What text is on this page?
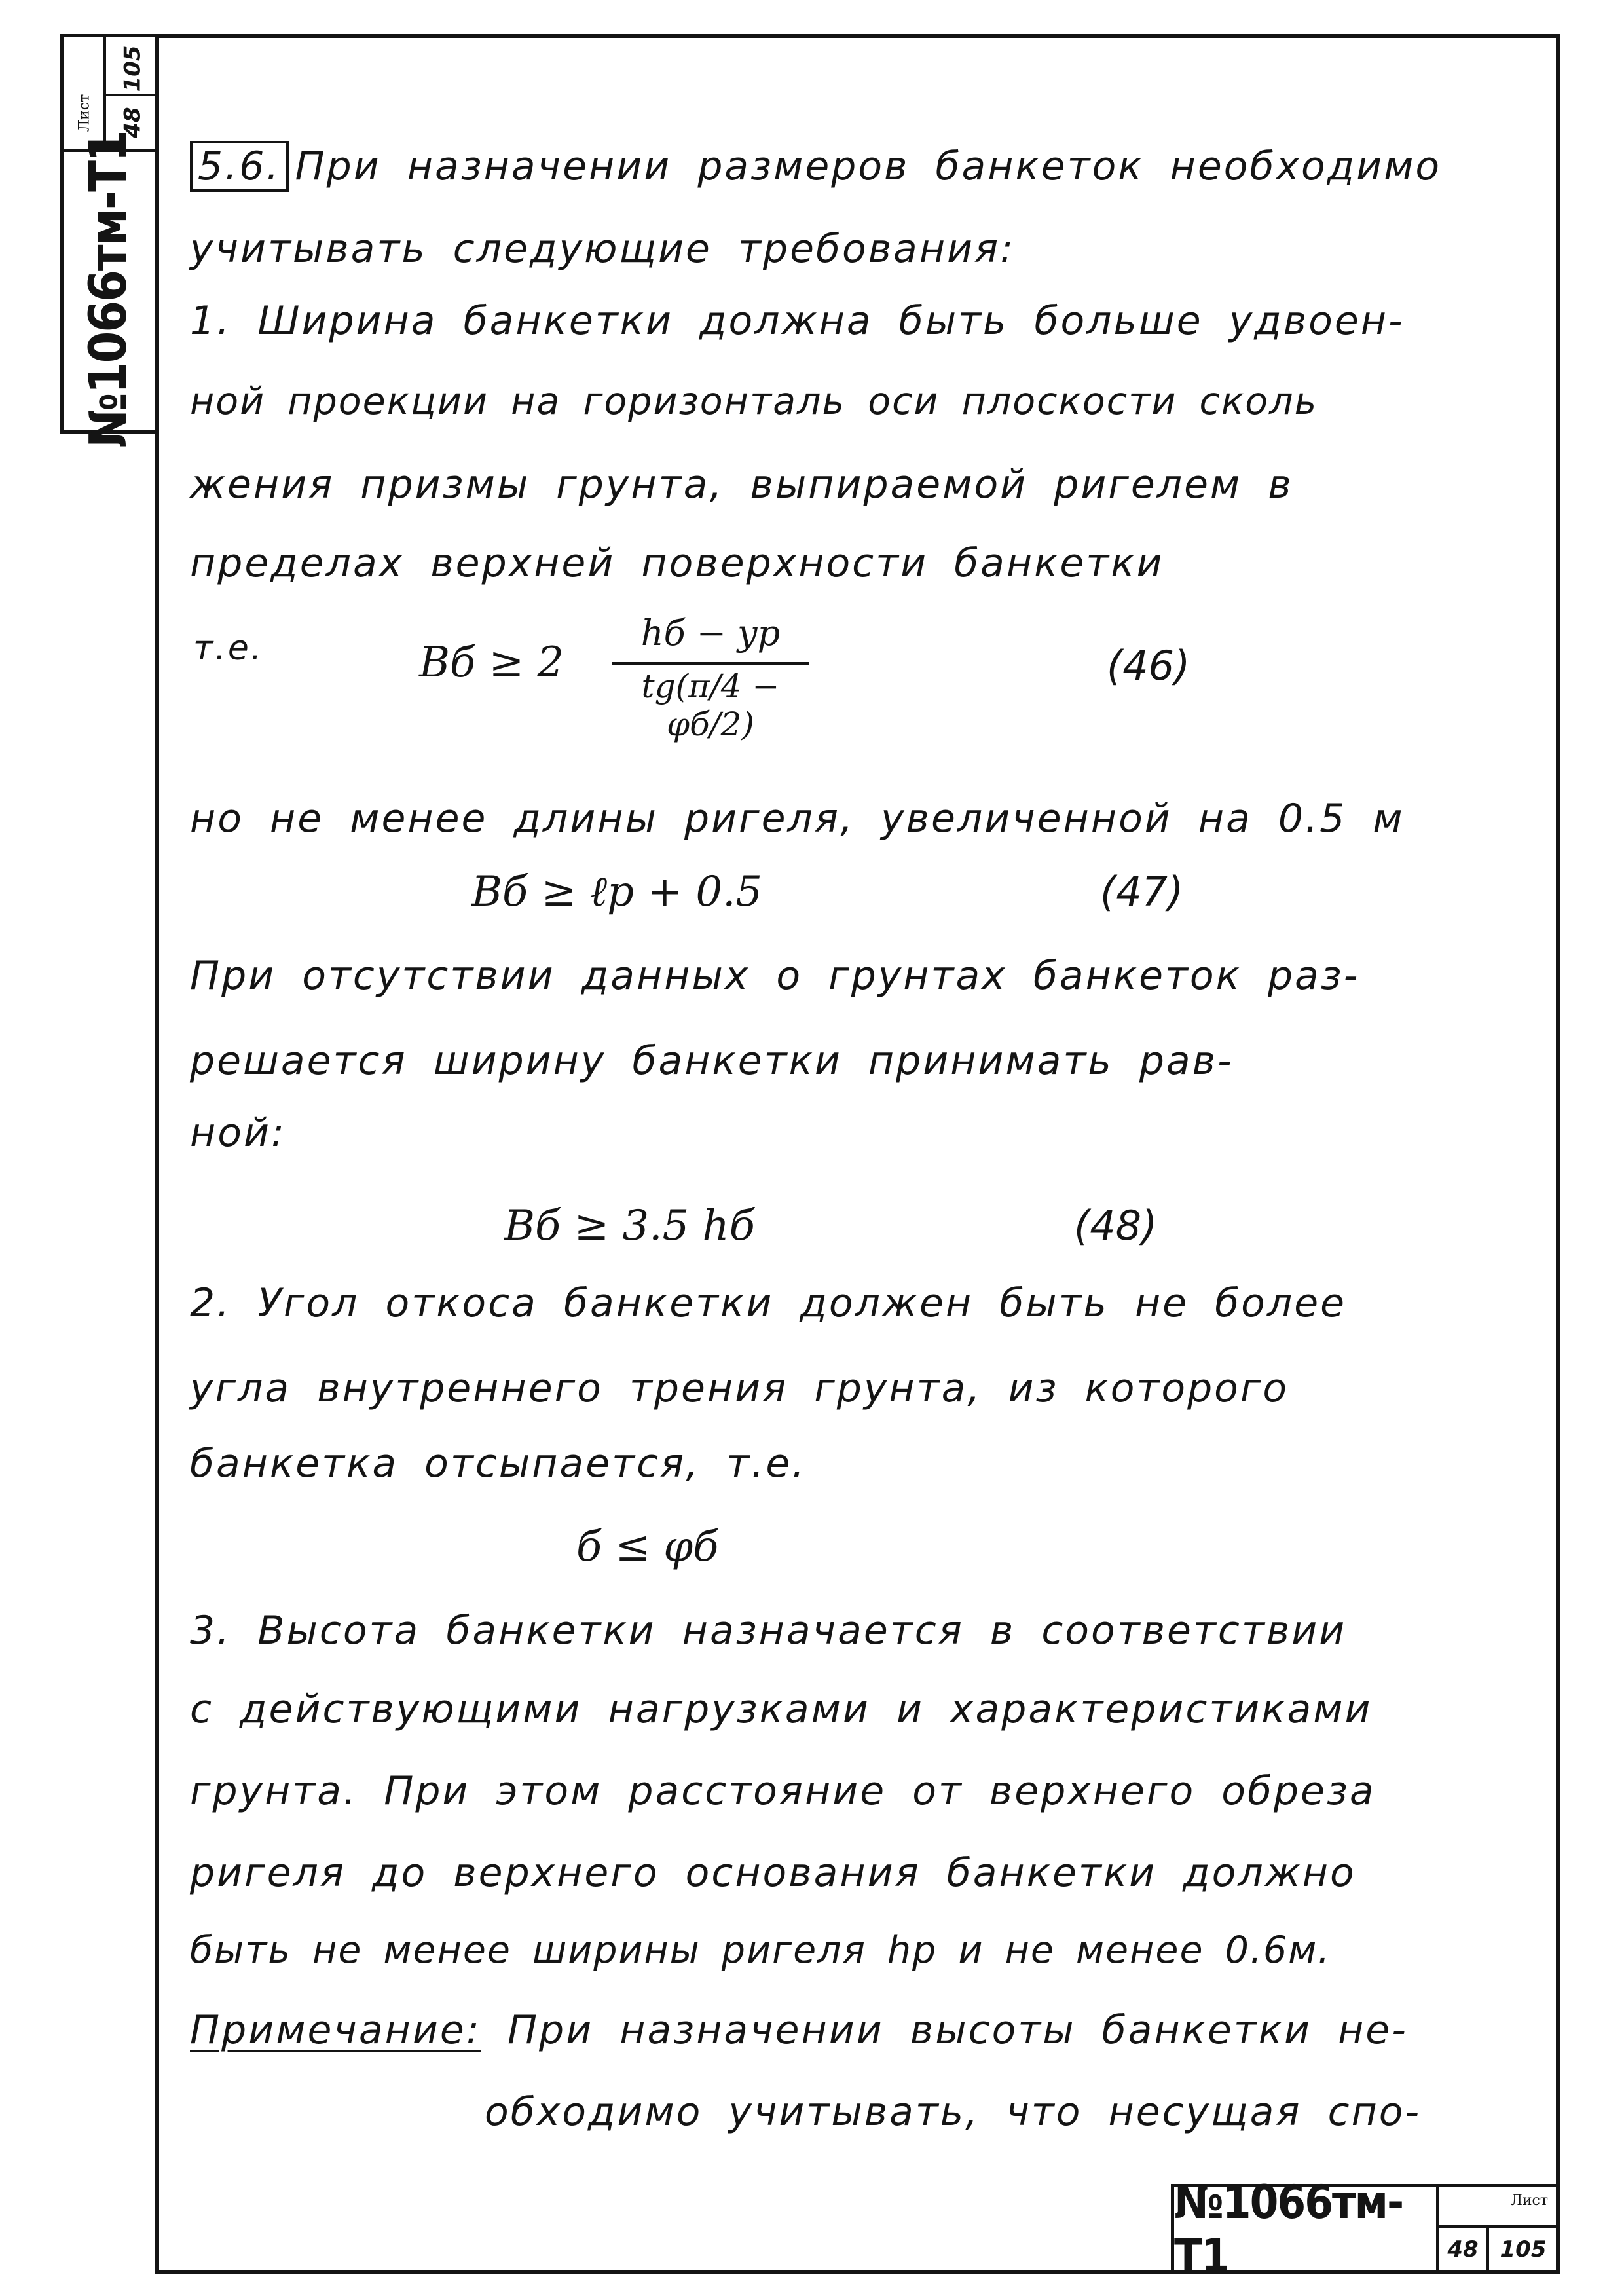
Лист
105
48
№1066тм-Т1 5.6. При назначении размеров банкеток необходимо
учитывать следующие требования:
1. Ширина банкетки должна быть больше удвоен-
ной проекции на горизонталь оси плоскости сколь
жения призмы грунта, выпираемой ригелем в
пределах верхней поверхности банкетки
т.е.	Bб ≥ 2
hб − yр
tg(π/4 − φб/2)
(46)
но не менее длины ригеля, увеличенной на 0.5 м
Bб ≥ ℓр + 0.5	(47)
При отсутствии данных о грунтах банкеток раз-
решается ширину банкетки принимать рав-
ной:
Bб ≥ 3.5 hб	(48)
2. Угол откоса банкетки должен быть не более
угла внутреннего трения грунта, из которого
банкетка отсыпается, т.е.
б ≤ φб
3. Высота банкетки назначается в соответствии
с действующими нагрузками и характеристиками
грунта. При этом расстояние от верхнего обреза
ригеля до верхнего основания банкетки должно
быть не менее ширины ригеля hр и не менее 0.6м.
Примечание: При назначении высоты банкетки не-
обходимо учитывать, что несущая спо-
№1066тм-Т1
Лист
48 105
